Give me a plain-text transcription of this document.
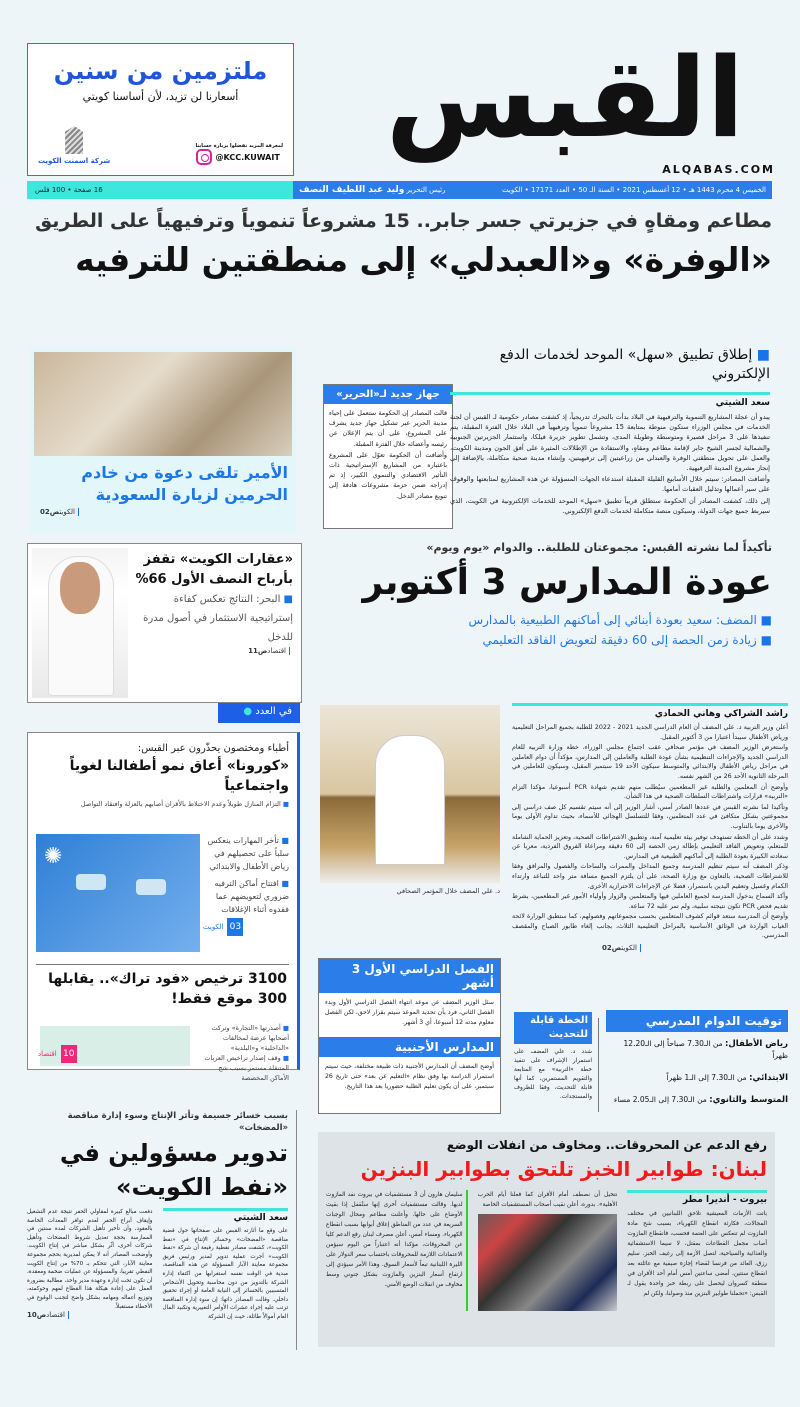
القبس
ALQABAS.COM
ملتزمين من سنين
أسعارنا لن تزيد، لأن أساسنا كويتي
لمعرفة المزيد تفضلوا بزيارة حسابنا
@KCC.KUWAIT
شركة اسمنت الكويت
الخميس 4 محرم 1443 هـ • 12 أغسطس 2021 • السنة الـ 50 • العدد 17171 • الكويت
رئيس التحرير وليد عبد اللطيف النصف
16 صفحة • 100 فلس
مطاعم ومقاهٍ في جزيرتي جسر جابر.. 15 مشروعاً تنموياً وترفيهياً على الطريق
«الوفرة» و«العبدلي» إلى منطقتين للترفيه
الأمير تلقى دعوة من خادم الحرمين لزيارة السعودية
الكويتص02
جهاز جديد لـ«الحرير»

قالت المصادر إن الحكومة ستعمل على إحياء مدينة الحرير عبر تشكيل جهاز جديد يشرف على المشروع، على أن يتم الإعلان عن رئيسه وأعضائه خلال الفترة المقبلة.

وأضافت أن الحكومة تعوّل على المشروع باعتباره من المشاريع الإستراتيجية ذات التأثير الاقتصادي والتنموي الكبير، إذ تم إدراجه ضمن حزمة مشروعات هادفة إلى تنويع مصادر الدخل.

■ إطلاق تطبيق «سهل» الموحد لخدمات الدفع الإلكتروني
سعد الشيتي

يبدو أن عجلة المشاريع التنموية والترفيهية في البلاد بدأت بالتحرك تدريجياً، إذ كشفت مصادر حكومية لـ القبس أن لجنة الخدمات في مجلس الوزراء ستكون منوطة بمتابعة 15 مشروعاً تنموياً وترفيهياً في البلاد خلال الفترة المقبلة، يتم تنفيذها على 3 مراحل قصيرة ومتوسطة وطويلة المدى، وتشمل تطوير جزيرة فيلكا، واستثمار الجزيرتين الجنوبية والشمالية لجسر الشيخ جابر لإقامة مطاعم ومقاهٍ، والاستفادة من الإطلالات المثيرة على أفق الجون ومدينة الكويت، والعمل على تحويل منطقتي الوفرة والعبدلي من زراعيتين إلى ترفيهيتين، وإنشاء مدينة صحية متكاملة، بالإضافة إلى إنجاز مشروع المدينة الترفيهية.

وأضافت المصادر: سيتم خلال الأسابيع القليلة المقبلة استدعاء الجهات المسؤولة عن هذه المشاريع لمتابعتها والوقوف على سير أعمالها وتذليل العقبات أمامها.

إلى ذلك، كشفت المصادر أن الحكومة ستطلق قريباً تطبيق «سهل» الموحد للخدمات الإلكترونية في الكويت، الذي سيربط جميع جهات الدولة، وسيكون منصة متكاملة لخدمات الدفع الإلكتروني.

«عقارات الكويت» تقفز بأرباح النصف الأول 66%
■ البحر: النتائج تعكس كفاءة إستراتيجية الاستثمار في أصول مدرة للدخل
اقتصادص11
تأكيداً لما نشرته القبس: مجموعتان للطلبة.. والدوام «يوم ويوم»
عودة المدارس 3 أكتوبر
■ المضف: سعيد بعودة أبنائي إلى أماكنهم الطبيعية بالمدارس
■ زيادة زمن الحصة إلى 60 دقيقة لتعويض الفاقد التعليمي
راشد الشراكي وهاني الحمادي

أعلن وزير التربية د. علي المضف أن العام الدراسي الجديد 2021 - 2022 للطلبة بجميع المراحل التعليمية ورياض الأطفال سيبدأ اعتبارا من 3 أكتوبر المقبل.

واستعرض الوزير المضف في مؤتمر صحافي عقب اجتماع مجلس الوزراء، خطة وزارة التربية للعام الدراسي الجديد والإجراءات التنظيمية بشأن عودة الطلبة والعاملين إلى المدارس، مؤكداً أن دوام العاملين في مراحل رياض الأطفال والابتدائي والمتوسط سيكون الأحد 19 سبتمبر المقبل، وسيكون للعاملين في المرحلة الثانوية الأحد 26 من الشهر نفسه.

وأوضح أن المعلمين والطلبة غير المطعمين سيُطلب منهم تقديم شهادة PCR أسبوعيا، مؤكدا التزام «التربية» قرارات واشتراطات السلطات الصحية في هذا الشأن.

وتأكيدا لما نشرته القبس في عددها الصادر أمس، أشار الوزير إلى أنه سيتم تقسيم كل صف دراسي إلى مجموعتين بشكل متكافئ في عدد المتعلمين، وفقا للتسلسل الهجائي للأسماء، بحيث تداوم الأولى يوما والأخرى يوما بالتناوب.

وشدد على أن الخطة تستهدف توفير بيئة تعليمية آمنة، وتطبيق الاشتراطات الصحية، وتعزيز الحماية الشاملة للمتعلم، وتعويض الفاقد التعليمي بإطالة زمن الحصة إلى 60 دقيقة ومراعاة الفروق الفردية، معربا عن سعادته الكبيرة بعودة الطلبة إلى أماكنهم الطبيعية في المدارس.

وذكر المضف أنه سيتم تنظيم المدرسة وجميع المداخل والممرات والساحات والفصول والمرافق وفقا للاشتراطات الصحية، بالتعاون مع وزارة الصحة، على أن يلتزم الجميع مسافة متر واحد للتباعد وارتداء الكمام وغسيل وتعقيم اليدين باستمرار، فضلا عن الإجراءات الاحترازية الأخرى.

وأكد السماح بدخول المدرسة لجميع العاملين فيها والمتعلمين والزوار وأولياء الأمور غير المطعمين، بشرط تقديم فحص PCR تكون نتيجته سلبية، ولم تمر عليه 72 ساعة.

وأوضح أن المدرسة ستعد قوائم كشوف المتعلمين بحسب مجموعاتهم وفصولهم، كما ستطبق الوزارة لائحة الغياب الواردة في الوثائق الأساسية بالمراحل التعليمية الثلاث، بجانب إلغاء طابور الصباح والمقصف المدرسي.

الكويتص02
د. علي المضف خلال المؤتمر الصحافي
الفصل الدراسي الأول 3 أشهر
سئل الوزير المضف عن موعد انتهاء الفصل الدراسي الأول وبدء الفصل الثاني، فرد بأن تحديد الموعد سيتم بقرار لاحق، لكن الفصل معلوم مدته 12 أسبوعا، أي 3 أشهر.
المدارس الأجنبية
أوضح المضف أن المدارس الأجنبية ذات طبيعة مختلفة، حيث سيتم استمرار الدراسة بها وفق نظام «التعليم عن بعد» حتى تاريخ 26 سبتمبر، على أن يكون تعليم الطلبة حضوريا بعد هذا التاريخ.
الخطة قابلة للتحديث
شدد د. علي المضف على استمرار الإشراف على تنفيذ خطة «التربية» مع المتابعة والتقويم المستمرين، كما أنها قابلة للتحديث، وفقا للظروف والمستجدات.
توقيت الدوام المدرسي
رياض الأطفال: من الـ7.30 صباحاً إلى الـ12.20 ظهراً
الابتدائي: من الـ7.30 إلى الـ1 ظهراً
المتوسط والثانوي: من الـ7.30 إلى الـ2.05 مساء
في العدد ●
أطباء ومختصون يحذّرون عبر القبس:
«كورونا» أعاق نمو أطفالنا لغوياً واجتماعياً
■ التزام المنازل طويلاً وعدم الاختلاط بالأقران أصابهم بالعزلة وافتقاد التواصل
✺
■ تأخر المهارات ينعكس سلباً على تحصيلهم في رياض الأطفال والابتدائي
■ افتتاح أماكن الترفيه ضروري لتعويضهم عما فقدوه أثناء الإغلاقات
03الكويت
3100 ترخيص «فود تراك».. يقابلها 300 موقع فقط!
■ أصدرتها «التجارة» وتركت أصحابها عرضة لمخالفات «الداخلية» و«البلدية»
■ وقف إصدار تراخيص العربات المتنقلة مستمر بسبب شح الأماكن المخصصة
10اقتصاد
بسبب خسائر جسيمة وتأثر الإنتاج وسوء إدارة مناقصة «المضخات»
تدوير مسؤولين في «نفط الكويت»
سعد الشيتي
على وقع ما أثارته القبس على صفحاتها حول قضية مناقصة «المضخات» وخسائر الإنتاج في «نفط الكويت»، كشفت مصادر نفطية رفيعة أن شركة «نفط الكويت» أجرت عملية تدوير لمدير ورئيس فريق مجموعة معاينة الآبار المسؤولة عن هذه المناقصة، مبدية في الوقت نفسه استغرابها من اكتفاء إدارة الشركة بالتدوير من دون محاسبة وتحويل الأشخاص المتسببين بالخسائر إلى النيابة العامة أو إجراء تحقيق داخلي. وقالت المصادر ذاتها: إن سوء إدارة المناقصة ترتب عليه إجراء عشرات الأوامر التغييرية وتكبيد المال العام أموالاً طائلة، حيث إن الشركة
دفعت مبالغ كبيرة لمقاولي الحفر نتيجة عدم التشغيل وإيقاف أبراج الحفر لعدم توافر المعدات الخاصة بالعقود، وأن تأخير تأهيل الشركات لمدة سنتين في الممارسة بحجة تعديل شروط المضخات وتأهيل شركات أخرى، أثّر بشكل مباشر في إنتاج الكويت. وأوضحت المصادر أنه لا يمكن لمديرية بحجم مجموعة معاينة الآبار، التي تتحكم بـ 70% من إنتاج الكويت النفطي تقريبا، والمسؤولة عن عمليات ضخمة ومعقدة، أن تكون تحت إدارة وعهدة مدير واحد، مطالبة بضرورة العمل على إعادة هيكلة هذا القطاع لمهم وحوكمته، وتوزيع أعماله ومهامه بشكل واضح لتجنب الوقوع في الأخطاء مستقبلاً.
اقتصادص10
رفع الدعم عن المحروقات.. ومخاوف من انفلات الوضع
لبنان: طوابير الخبز تلتحق بطوابير البنزين
بيروت - أنديرا مطر
باتت الأزمات المعيشية تلاحق اللبنانيين في مختلف المجالات، فكارثة انقطاع الكهرباء، بسبب شح مادة المازوت لم تنعكس على العتمة فحسب، فانقطاع المازوت أصاب مجمل القطاعات بمقتل، لا سيما الاستشفائية والغذائية والسياحية، لتصل الأزمة إلى رغيف الخبز. سليم رزق، العائد من فرنسا لقضاء إجازة صيفية مع عائلته بعد انقطاع سنتين، أمضى ساعتين أمس أمام أحد الأفران في منطقة كسروان ليحصل على ربطة خبز واحدة يقول لـ القبس: «تحملنا طوابير البنزين منذ وصولنا، ولكن لم
نتخيل أن نصطف أمام الأفران كما فعلنا أيام الحرب الأهلية». بدوره، أعلن نقيب أصحاب المستشفيات الخاصة
سليمان هارون أن 3 مستشفيات في بيروت نفد المازوت لديها. وقالت مستشفيات أخرى إنها ستُقفل إذا بقيت الأوضاع على حالها. وأعلنت مطاعم ومحال الوجبات السريعة في عدد من المناطق إغلاق أبوابها بسبب انقطاع الكهرباء. ومساء أمس، أعلن مصرف لبنان رفع الدعم كليا عن المحروقات، مؤكدا أنه اعتباراً من اليوم سيؤمن الاعتمادات اللازمة للمحروقات باحتساب سعر الدولار على الليرة اللبنانية تبعاً لأسعار السوق. وهذا الأمر سيؤدي إلى ارتفاع أسعار البنزين والمازوت بشكل جنوني وسط مخاوف من انفلات الوضع الأمني.
